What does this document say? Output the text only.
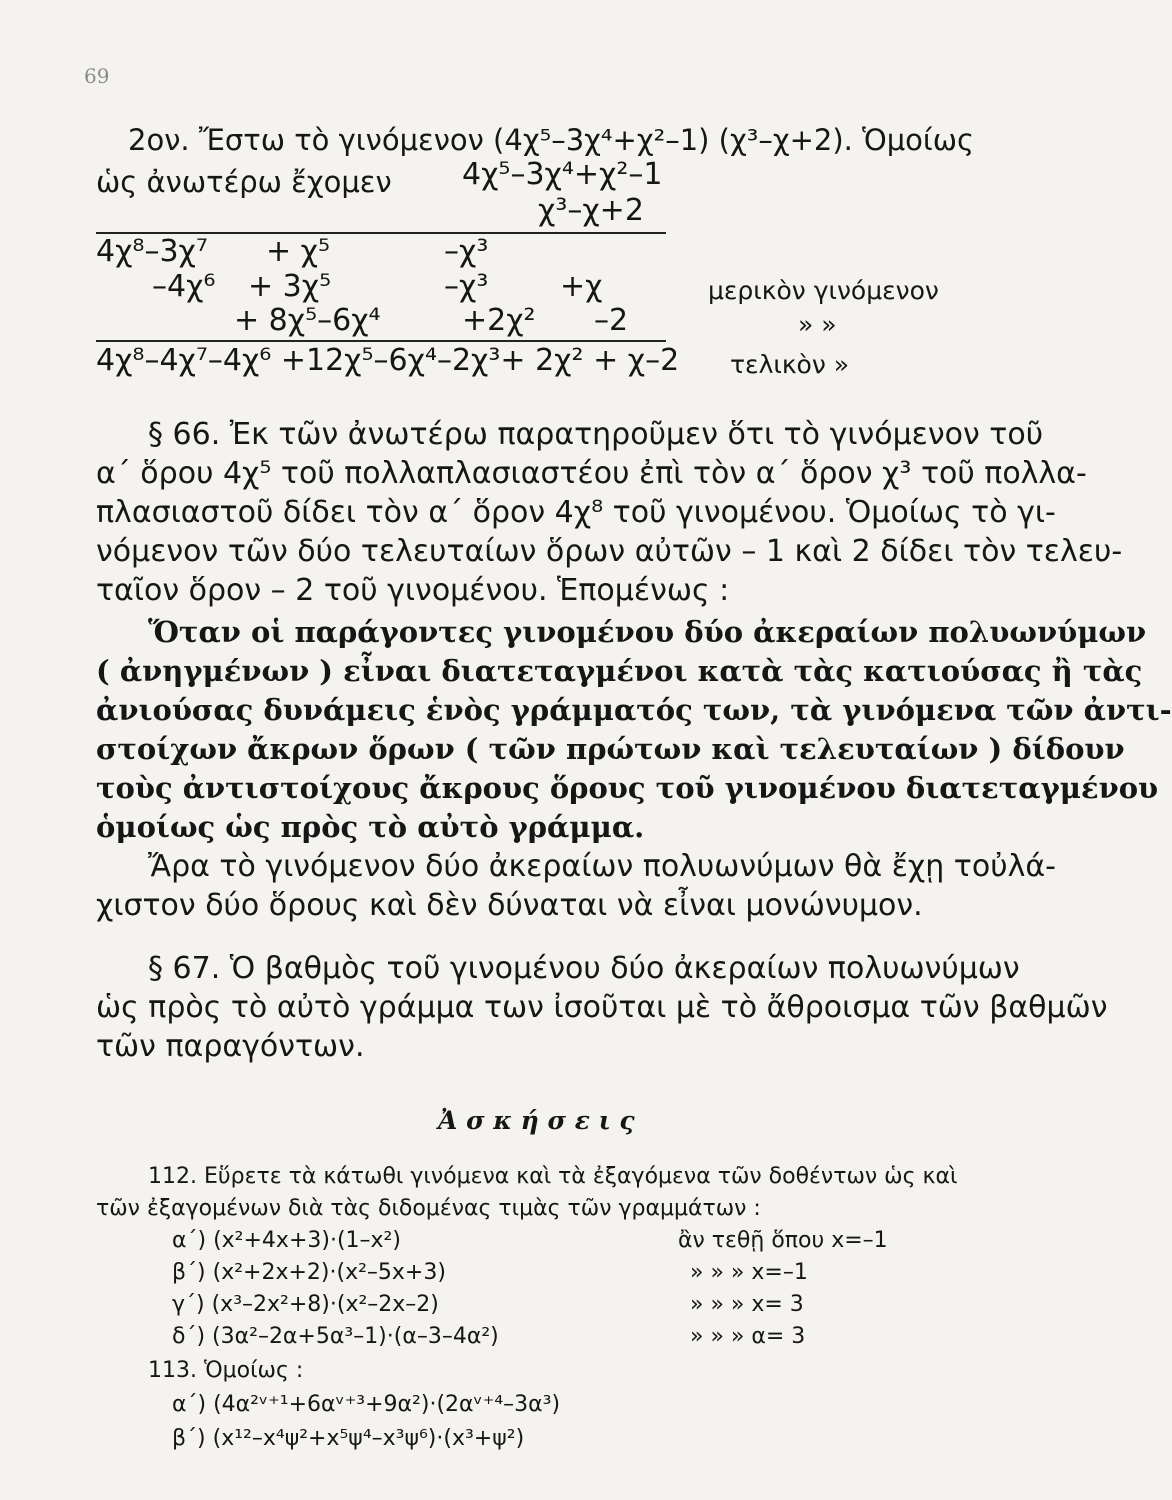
69
2ον. Ἔστω τὸ γινόμενον (4χ⁵–3χ⁴+χ²–1) (χ³–χ+2). Ὁμοίως
ὡς ἀνωτέρω ἔχομεν 4χ⁵–3χ⁴+χ²–1
χ³–χ+2
4χ⁸–3χ⁷ + χ⁵	–χ³
–4χ⁶ + 3χ⁵	–χ³ +χ	μερικὸν γινόμενον
+ 8χ⁵–6χ⁴	+2χ² –2	» »
4χ⁸–4χ⁷–4χ⁶ +12χ⁵–6χ⁴–2χ³+ 2χ² + χ–2 τελικὸν »
§ 66. Ἐκ τῶν ἀνωτέρω παρατηροῦμεν ὅτι τὸ γινόμενον τοῦ
α΄ ὅρου 4χ⁵ τοῦ πολλαπλασιαστέου ἐπὶ τὸν α΄ ὅρον χ³ τοῦ πολλα-
πλασιαστοῦ δίδει τὸν α΄ ὅρον 4χ⁸ τοῦ γινομένου. Ὁμοίως τὸ γι-
νόμενον τῶν δύο τελευταίων ὅρων αὐτῶν – 1 καὶ 2 δίδει τὸν τελευ-
ταῖον ὅρον – 2 τοῦ γινομένου. Ἑπομένως :
Ὅταν οἱ παράγοντες γινομένου δύο ἀκεραίων πολυωνύμων
( ἀνηγμένων ) εἶναι διατεταγμένοι κατὰ τὰς κατιούσας ἢ τὰς
ἀνιούσας δυνάμεις ἑνὸς γράμματός των, τὰ γινόμενα τῶν ἀντι-
στοίχων ἄκρων ὅρων ( τῶν πρώτων καὶ τελευταίων ) δίδουν
τοὺς ἀντιστοίχους ἄκρους ὅρους τοῦ γινομένου διατεταγμένου
ὁμοίως ὡς πρὸς τὸ αὐτὸ γράμμα.
Ἄρα τὸ γινόμενον δύο ἀκεραίων πολυωνύμων θὰ ἔχῃ τοὐλά-
χιστον δύο ὅρους καὶ δὲν δύναται νὰ εἶναι μονώνυμον.
§ 67. Ὁ βαθμὸς τοῦ γινομένου δύο ἀκεραίων πολυωνύμων
ὡς πρὸς τὸ αὐτὸ γράμμα των ἰσοῦται μὲ τὸ ἄθροισμα τῶν βαθμῶν
τῶν παραγόντων.
Ἀ σ κ ή σ ε ι ς
112. Εὕρετε τὰ κάτωθι γινόμενα καὶ τὰ ἐξαγόμενα τῶν δοθέντων ὡς καὶ
τῶν ἐξαγομένων διὰ τὰς διδομένας τιμὰς τῶν γραμμάτων :
α΄) (x²+4x+3)·(1–x²)	ἂν τεθῇ ὅπου x=–1
β΄) (x²+2x+2)·(x²–5x+3)	» » » x=–1
γ΄) (x³–2x²+8)·(x²–2x–2)	» » » x= 3
δ΄) (3α²–2α+5α³–1)·(α–3–4α²)	» » » α= 3
113. Ὁμοίως :
α΄) (4α²ᵛ⁺¹+6αᵛ⁺³+9α²)·(2αᵛ⁺⁴–3α³)
β΄) (x¹²–x⁴ψ²+x⁵ψ⁴–x³ψ⁶)·(x³+ψ²)
